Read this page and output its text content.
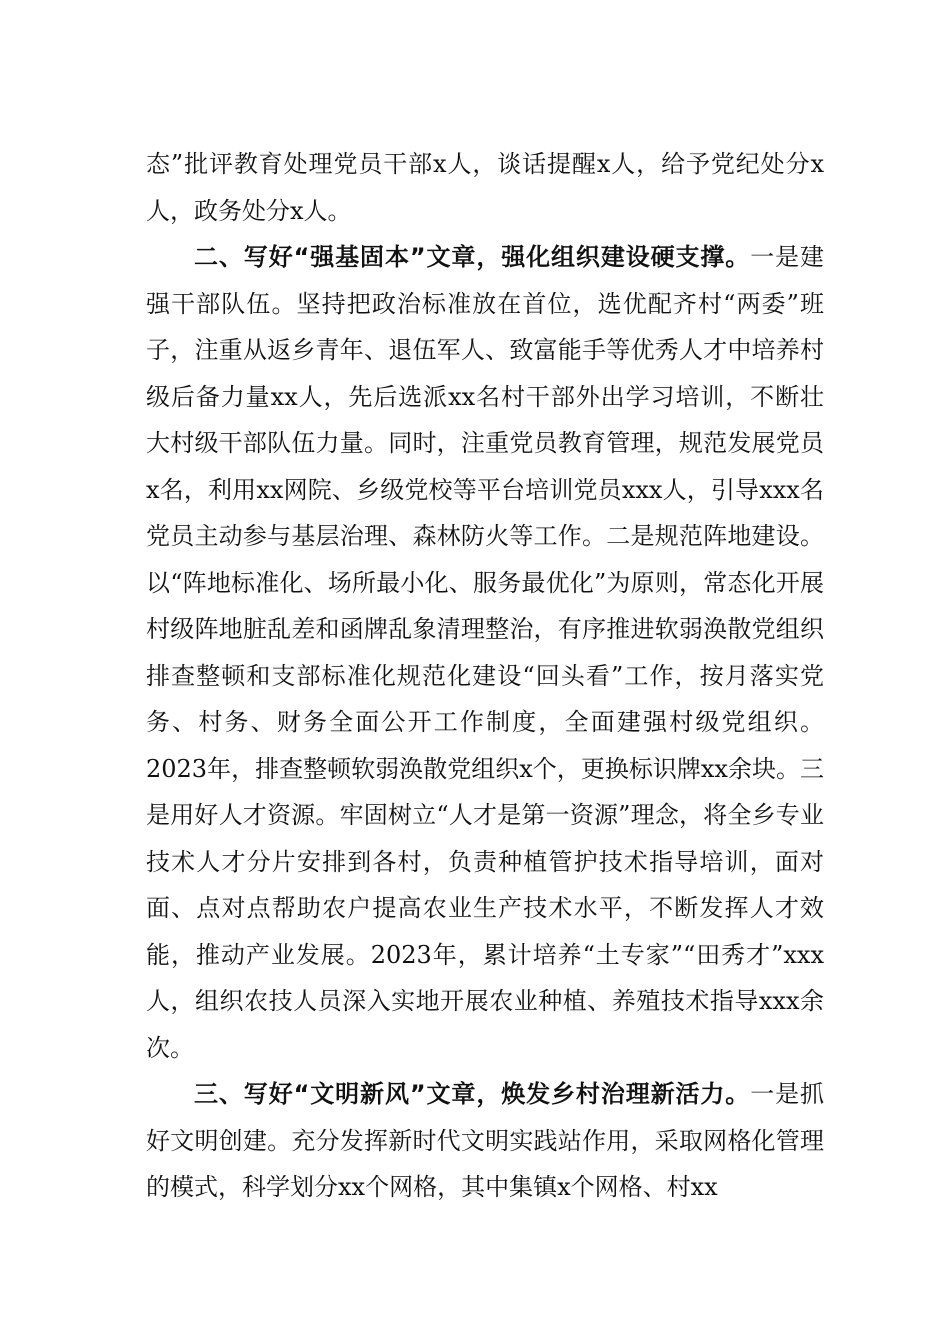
态”批评教育处理党员干部x人，谈话提醒x人，给予党纪处分x人，政务处分x人。

二、写好“强基固本”文章，强化组织建设硬支撑。一是建强干部队伍。坚持把政治标准放在首位，选优配齐村“两委”班子，注重从返乡青年、退伍军人、致富能手等优秀人才中培养村级后备力量xx人，先后选派xx名村干部外出学习培训，不断壮大村级干部队伍力量。同时，注重党员教育管理，规范发展党员x名，利用xx网院、乡级党校等平台培训党员xxx人，引导xxx名党员主动参与基层治理、森林防火等工作。二是规范阵地建设。以“阵地标准化、场所最小化、服务最优化”为原则，常态化开展村级阵地脏乱差和函牌乱象清理整治，有序推进软弱涣散党组织排查整顿和支部标准化规范化建设“回头看”工作，按月落实党务、村务、财务全面公开工作制度，全面建强村级党组织。2023年，排查整顿软弱涣散党组织x个，更换标识牌xx余块。三是用好人才资源。牢固树立“人才是第一资源”理念，将全乡专业技术人才分片安排到各村，负责种植管护技术指导培训，面对面、点对点帮助农户提高农业生产技术水平，不断发挥人才效能，推动产业发展。2023年，累计培养“土专家”“田秀才”xxx人，组织农技人员深入实地开展农业种植、养殖技术指导xxx余次。

三、写好“文明新风”文章，焕发乡村治理新活力。一是抓好文明创建。充分发挥新时代文明实践站作用，采取网格化管理的模式，科学划分xx个网格，其中集镇x个网格、村xx
